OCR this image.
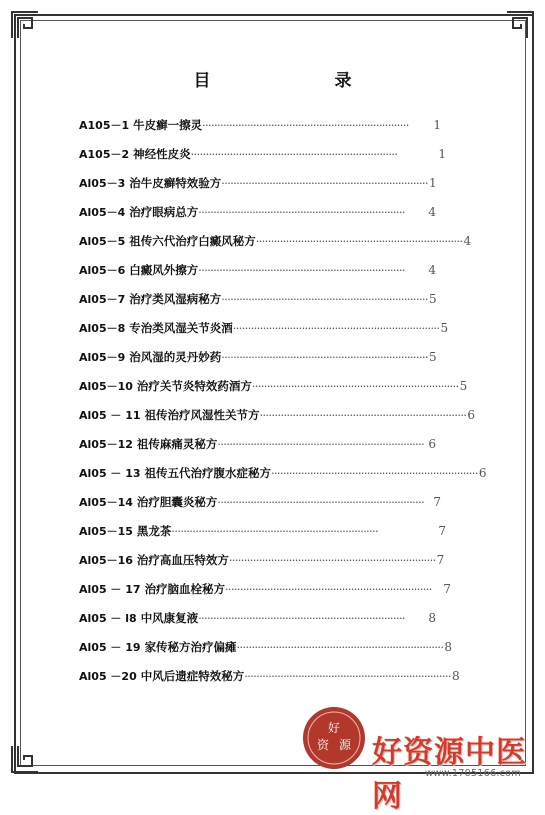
目　　录
A105－1 牛皮癣一擦灵 ·····································································	1
A105－2 神经性皮炎 ·····································································	1
Al05－3 治牛皮癣特效验方 ····································································· 1
Al05－4 治疗眼病总方 ·····································································	4
Al05－5 祖传六代治疗白癜风秘方 ····································································· 4
Al05－6 白癜风外擦方 ·····································································	4
Al05－7 治疗类风湿病秘方 ····································································· 5
Al05－8 专治类风湿关节炎酒 ····································································· 5
Al05－9 治风湿的灵丹妙药 ····································································· 5
Al05－10 治疗关节炎特效药酒方 ····································································· 5
Al05 － 11 祖传治疗风湿性关节方 ····································································· 6
Al05－12 祖传麻痛灵秘方 ····································································· 6
Al05 － 13 祖传五代治疗腹水症秘方 ····································································· 6
Al05－14 治疗胆囊炎秘方 ····································································· 7
Al05－15 黑龙茶 ·····································································	7
Al05－16 治疗高血压特效方 ····································································· 7
Al05 － 17 治疗脑血栓秘方 ····································································· 7
Al05 － l8 中风康复液 ·····································································	8
Al05 － 19 家传秘方治疗偏瘫 ····································································· 8
Al05 －20 中风后遗症特效秘方 ····································································· 8
好
资 源 好资源中医网
www.1705166.com
